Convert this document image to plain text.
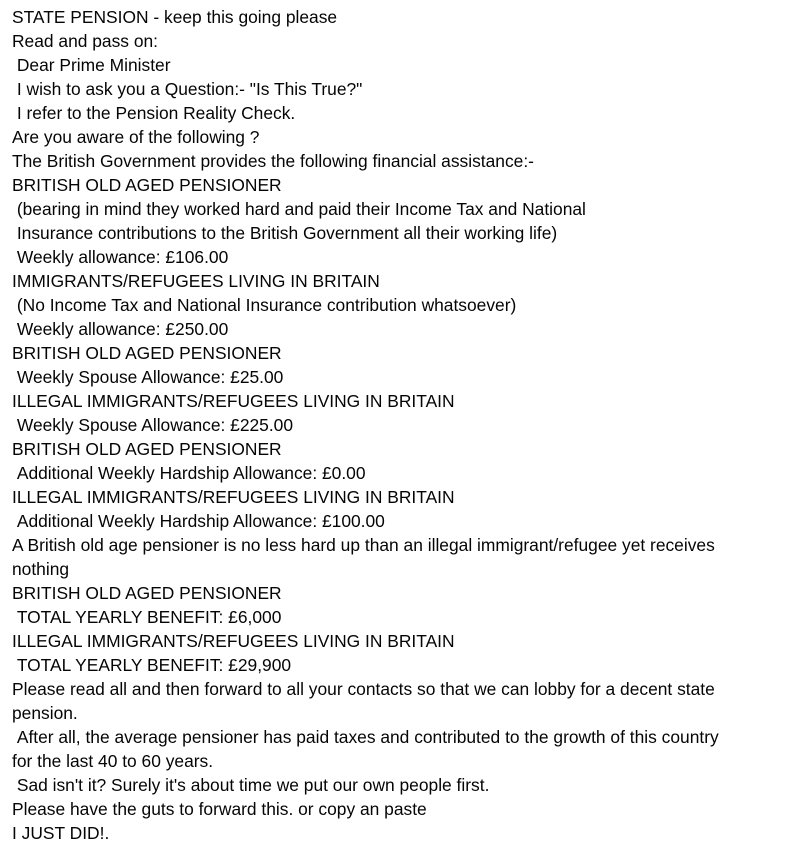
STATE PENSION - keep this going please

Read and pass on:

Dear Prime Minister

I wish to ask you a Question:- "Is This True?"

I refer to the Pension Reality Check.

Are you aware of the following ?

The British Government provides the following financial assistance:-

BRITISH OLD AGED PENSIONER

(bearing in mind they worked hard and paid their Income Tax and National

Insurance contributions to the British Government all their working life)

Weekly allowance: £106.00

IMMIGRANTS/REFUGEES LIVING IN BRITAIN

(No Income Tax and National Insurance contribution whatsoever)

Weekly allowance: £250.00

BRITISH OLD AGED PENSIONER

Weekly Spouse Allowance: £25.00

ILLEGAL IMMIGRANTS/REFUGEES LIVING IN BRITAIN

Weekly Spouse Allowance: £225.00

BRITISH OLD AGED PENSIONER

Additional Weekly Hardship Allowance: £0.00

ILLEGAL IMMIGRANTS/REFUGEES LIVING IN BRITAIN

Additional Weekly Hardship Allowance: £100.00

A British old age pensioner is no less hard up than an illegal immigrant/refugee yet receives

nothing

BRITISH OLD AGED PENSIONER

TOTAL YEARLY BENEFIT: £6,000

ILLEGAL IMMIGRANTS/REFUGEES LIVING IN BRITAIN

TOTAL YEARLY BENEFIT: £29,900

Please read all and then forward to all your contacts so that we can lobby for a decent state

pension.

After all, the average pensioner has paid taxes and contributed to the growth of this country

for the last 40 to 60 years.

Sad isn't it? Surely it's about time we put our own people first.

Please have the guts to forward this. or copy an paste

I JUST DID!.
